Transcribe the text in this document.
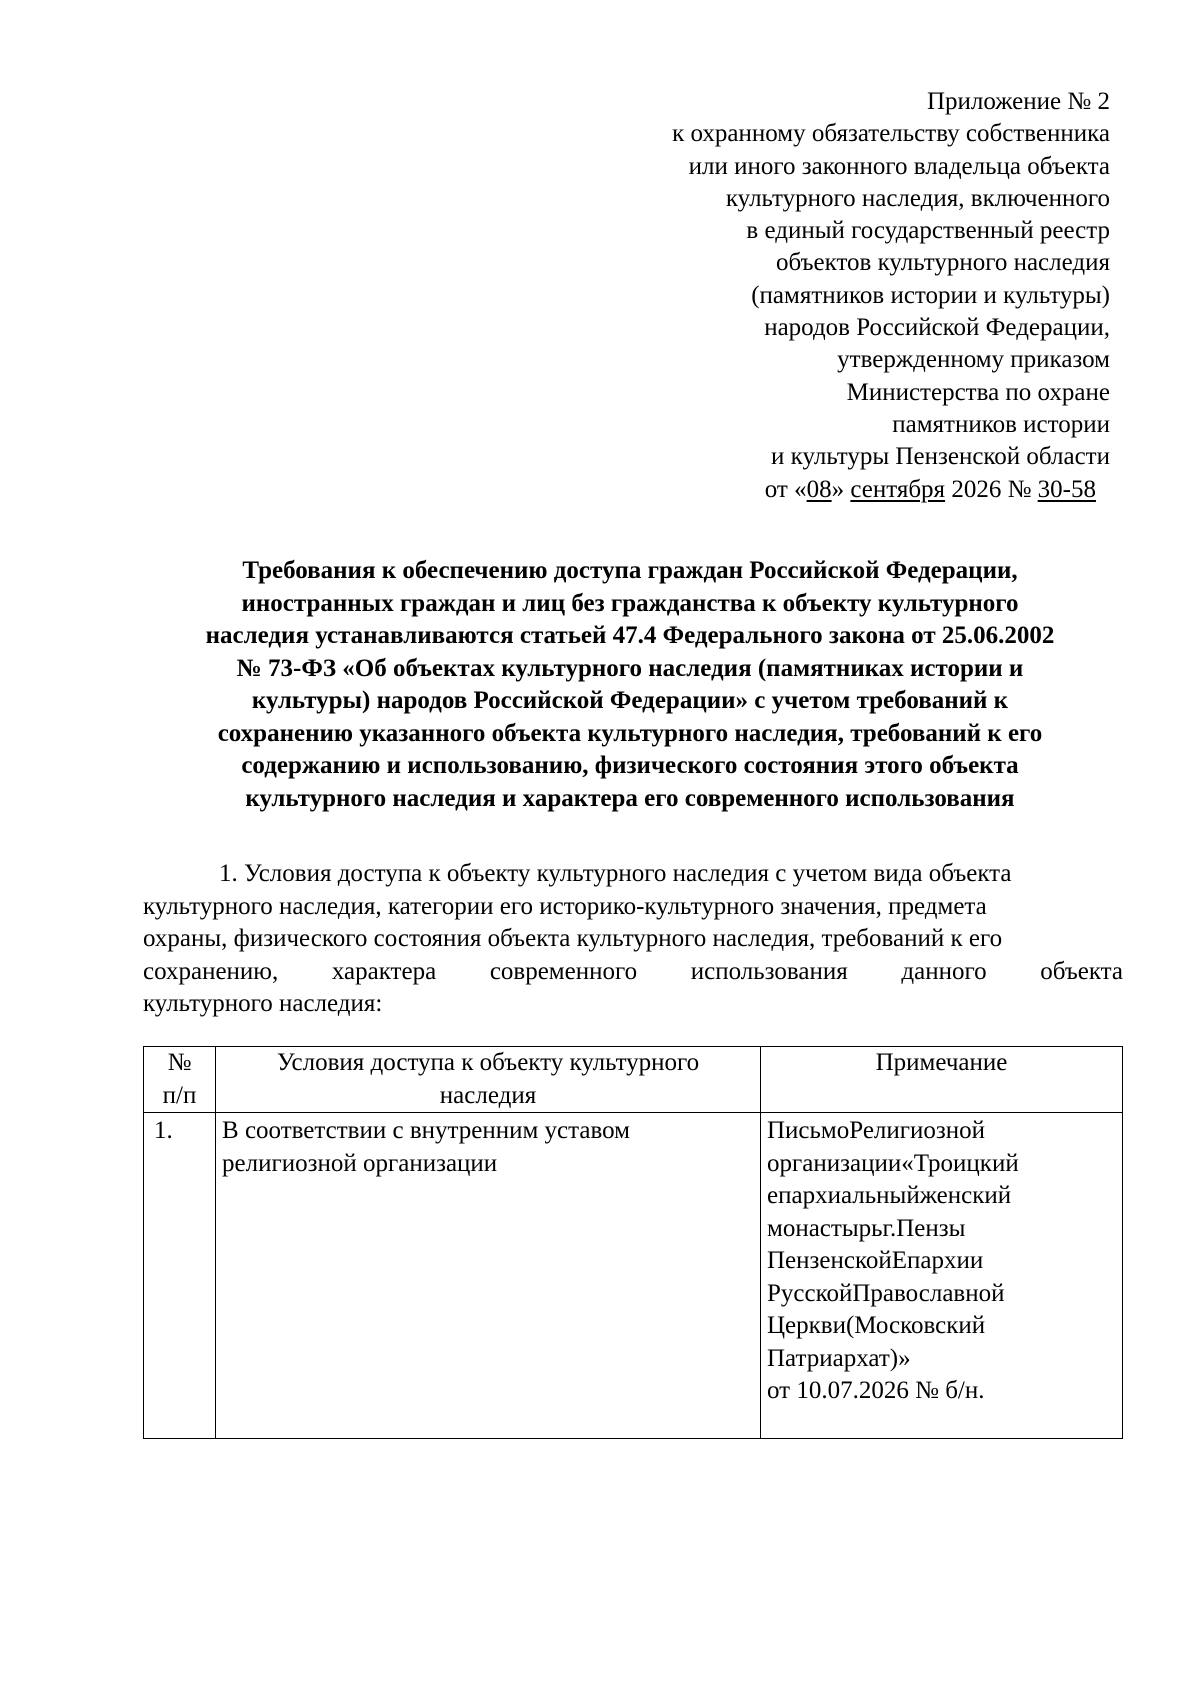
Приложение № 2
к охранному обязательству собственника
или иного законного владельца объекта
культурного наследия, включенного
в единый государственный реестр
объектов культурного наследия
(памятников истории и культуры)
народов Российской Федерации,
утвержденному приказом
Министерства по охране
памятников истории
и культуры Пензенской области
от «08» сентября 2026 № 30-58
Требования к обеспечению доступа граждан Российской Федерации,
иностранных граждан и лиц без гражданства к объекту культурного
наследия устанавливаются статьей 47.4 Федерального закона от 25.06.2002
№ 73-ФЗ «Об объектах культурного наследия (памятниках истории и
культуры) народов Российской Федерации» с учетом требований к
сохранению указанного объекта культурного наследия, требований к его
содержанию и использованию, физического состояния этого объекта
культурного наследия и характера его современного использования
1. Условия доступа к объекту культурного наследия с учетом вида объекта
культурного наследия, категории его историко-культурного значения, предмета
охраны, физического состояния объекта культурного наследия, требований к его
сохранению, характера современного использования данного объекта
культурного наследия:
№
п/п
Условия доступа к объекту культурного
наследия
Примечание
1.	В соответствии с внутренним уставом
религиозной организации
ПисьмоРелигиозной
организации«Троицкий
епархиальныйженский
монастырьг.Пензы
ПензенскойЕпархии
РусскойПравославной
Церкви(Московский
Патриархат)»
от 10.07.2026 № б/н.
